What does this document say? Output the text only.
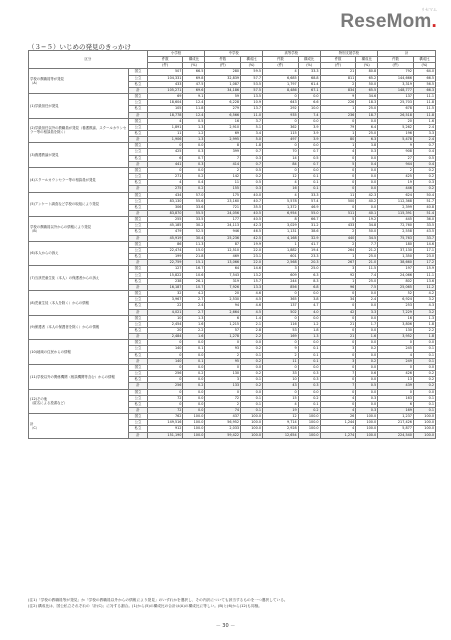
リセマム
ReseMom.
（３−５）いじめの発見のきっかけ
区分		小学校		中学校		高等学校		特別支援学校		計	
		件数	構成比	件数	構成比	件数	構成比	件数	構成比	件数	構成比
		(件)	(%)	(件)	(%)	(件)	(%)	(件)	(%)	(件)	(%)
学校の教職員等が発見
（A）	国立	507	66.5	280	59.5	4	33.3	21	80.8	792	64.0
	公立	104,331	69.8	32,839	57.7	6,685	68.8	811	65.2	144,666	66.5
	私立	433	47.5	1,087	53.5	1,797	61.4	2	50.0	3,319	56.5
	計	105,271	69.6	34,186	57.5	8,486	67.1	834	65.5	148,777	66.3
(1)学級担任が発見	国立	69	9.1	59	13.5	0	0.0	9	34.6	137	11.1
	公立	18,604	12.4	6,228	10.9	643	6.6	226	18.3	25,703	11.8
	私立	105	11.8	279	13.7	292	10.0	1	25.0	678	11.5
	計	18,778	12.4	6,566	11.0	935	7.4	236	18.7	26,518	11.8
(2)学級担任以外の教職員が発見（養護教諭、スクールカウンセラー等の相談員を除く）	国立	4	0.5	16	3.7	0	0.0	0	0.0	20	1.6
	公立	1,891	1.3	2,910	5.1	362	3.9	79	6.4	5,262	2.4
	私立	11	1.2	69	3.4	115	3.9	1	25.0	196	3.3
	計	1,906	1.3	2,995	5.0	497	3.9	80	6.3	5,478	2.4
(3)養護教諭が発見	国立	0	0.0	8	1.8	0	0.0	1	3.8	9	0.7
	公立	425	0.3	399	0.7	70	0.7	4	0.3	908	0.4
	私立	6	0.7	7	0.3	14	0.5	0	0.0	27	0.5
	計	441	0.3	414	0.7	84	0.7	5	0.4	944	0.4
(4)スクールカウンセラー等の相談員が発見	国立	0	0.0	2	0.5	0	0.0	0	0.0	2	0.2
	公立	271	0.2	142	0.2	12	0.1	0	0.0	425	0.2
	私立	4	0.4	11	0.5	4	0.1	0	0.0	19	0.3
	計	275	0.2	155	0.3	16	0.1	0	0.0	446	0.2
(5)アンケート調査など学校の取組により発見	国立	434	57.0	175	40.0	4	33.3	11	42.3	624	50.4
	公立	83,130	55.6	23,160	40.7	5,578	57.4	500	40.2	112,368	51.7
	私立	306	33.6	721	35.5	1,372	46.9	0	0.0	2,399	40.8
	計	83,870	55.5	24,056	40.5	6,954	55.0	511	40.1	115,391	51.4
学校の教職員以外からの情報により発見
（B）	国立	255	33.5	177	40.5	8	66.7	5	19.2	445	36.0
	公立	45,185	30.2	24,113	42.3	3,029	31.2	433	34.8	72,760	33.5
	私立	479	52.5	946	46.5	1,131	38.6	2	50.0	2,558	43.5
	計	45,919	30.4	25,236	42.5	4,168	32.9	440	34.5	75,763	33.7
(6)本人からの訴え	国立	86	11.3	87	19.9	1	41.7	2	7.7	180	14.6
	公立	22,474	15.0	12,510	22.0	1,882	19.4	264	21.2	37,130	17.1
	私立	199	21.8	469	23.1	601	23.3	1	25.0	1,350	23.0
	計	22,759	15.1	13,066	22.0	2,568	20.3	267	21.0	38,660	17.2
(7)当該児童生徒（本人）の保護者からの訴え	国立	127	16.7	64	14.6	3	25.0	3	11.5	197	15.9
	公立	15,822	10.6	7,543	13.2	609	6.3	92	7.4	24,066	11.1
	私立	238	26.1	319	15.7	244	8.3	1	25.0	802	13.6
	計	16,187	10.7	7,926	13.3	856	6.8	96	7.5	25,065	11.2
(8)児童生徒（本人を除く）からの情報	国立	32	4.2	20	4.6	0	0.0	0	0.0	52	4.2
	公立	3,967	2.7	2,530	4.5	365	3.8	34	2.4	6,924	3.2
	私立	22	2.4	94	4.6	137	4.7	0	0.0	253	4.3
	計	4,021	2.7	2,664	4.5	502	4.0	42	3.3	7,229	3.2
(9)保護者（本人の保護者を除く）からの情報	国立	10	1.3	6	1.4	0	0.0	0	0.0	16	1.3
	公立	2,454	1.6	1,215	2.1	116	1.2	21	1.7	3,806	1.8
	私立	20	2.2	57	2.8	53	1.8	0	0.0	130	2.2
	計	2,484	1.6	1,278	2.2	169	1.3	21	1.6	3,952	1.8
(10)地域の住民からの情報	国立	0	0.0	0	0.0	0	0.0	0	0.0	0	0.0
	公立	140	0.1	93	0.2	9	0.1	3	0.2	245	0.1
	私立	0	0.0	2	0.1	2	0.1	0	0.0	4	0.1
	計	140	0.1	95	0.2	11	0.1	3	0.2	249	0.1
(11)学校以外の関係機関（相談機関等含む）からの情報	国立	0	0.0	0	0.0	0	0.0	0	0.0	0	0.0
	公立	256	0.2	130	0.2	33	0.3	7	0.6	426	0.2
	私立	0	0.0	3	0.1	10	0.3	0	0.0	13	0.2
	計	256	0.2	133	0.2	43	0.3	7	0.5	439	0.2
(12)その他
（匿名による投書など）	国立	0	0.0	0	0.0	0	0.0	0	0.0	0	0.0
	公立	72	0.0	72	0.1	15	0.2	4	0.3	163	0.1
	私立	0	0.0	2	0.1	4	0.1	0	0.0	6	0.1
	計	72	0.0	74	0.1	19	0.2	4	0.3	169	0.1
計
（C）	国立	762	100.0	437	100.0	12	100.0	26	100.0	1,237	100.0
	公立	149,516	100.0	56,952	100.0	9,714	100.0	1,244	100.0	217,426	100.0
	私立	912	100.0	2,033	100.0	2,928	100.0	4	100.0	5,877	100.0
	計	151,190	100.0	59,422	100.0	12,654	100.0	1,274	100.0	224,540	100.0
(注1)「学校の教職員等が発見」か「学校の教職員以外からの情報により発見」のいずれかを選択し、その内訳についても該当するものを一つ選択している。
(注2) 構成比は、国公私立それぞれの「計(C)」に対する割合。(1)から(5)の構成比の合計は(A)の構成比に等しい。(B)と(6)から(12)も同様。
－ 30 －
